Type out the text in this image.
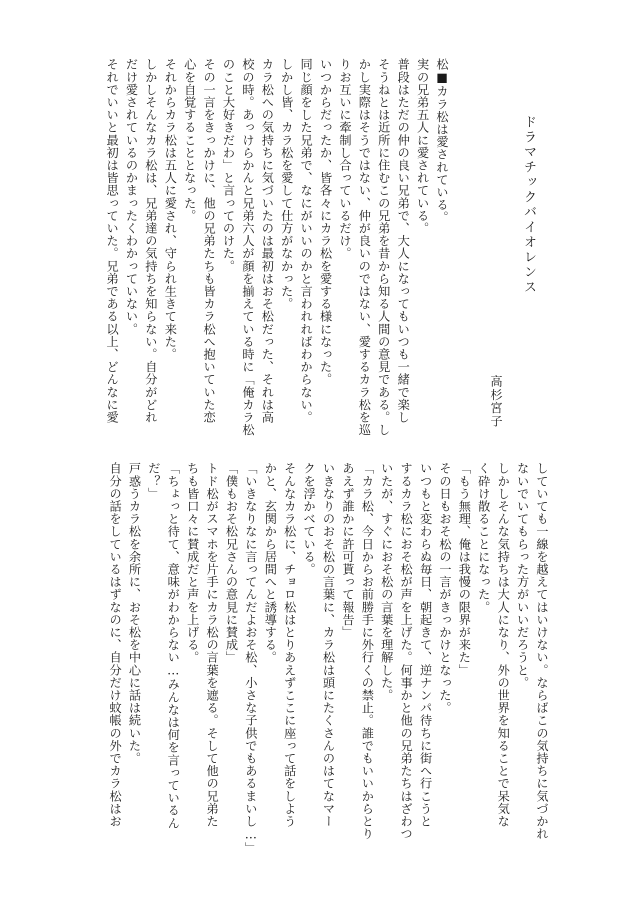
ドラマチックバイオレンス
高杉宮子

松■カラ松は愛されている。

実の兄弟五人に愛されている。

普段はただの仲の良い兄弟で、大人になってもいつも一緒で楽し

そうねとは近所に住むこの兄弟を昔から知る人間の意見である。し

かし実際はそうではない、仲が良いのではない、愛するカラ松を巡

りお互いに牽制し合っているだけ。

いつからだったか、皆各々にカラ松を愛する様になった。

同じ顔をした兄弟で、なにがいいのかと言われればわからない。

しかし皆、カラ松を愛して仕方がなかった。

カラ松への気持ちに気づいたのは最初はおそ松だった、それは高

校の時。あっけらかんと兄弟六人が顔を揃えている時に「俺カラ松

のこと大好きだわ」と言ってのけた。

その一言をきっかけに、他の兄弟たちも皆カラ松へ抱いていた恋

心を自覚することとなった。

それからカラ松は五人に愛され、守られ生きて来た。

しかしそんなカラ松は、兄弟達の気持ちを知らない。自分がどれ

だけ愛されているのかまったくわかっていない。

それでいいと最初は皆思っていた。兄弟である以上、どんなに愛

していても一線を越えてはいけない。ならばこの気持ちに気づかれ

ないでいてもらった方がいいだろうと。

しかしそんな気持ちは大人になり、外の世界を知ることで呆気な

く砕け散ることになった。

「もう無理、俺は我慢の限界が来た」

その日もおそ松の一言がきっかけとなった。

いつもと変わらぬ毎日、朝起きて、逆ナンパ待ちに街へ行こうと

するカラ松におそ松が声を上げた。何事かと他の兄弟たちはざわつ

いたが、すぐにおそ松の言葉を理解した。

「カラ松、今日からお前勝手に外行くの禁止。誰でもいいからとり

あえず誰かに許可貰って報告」

いきなりのおそ松の言葉に、カラ松は頭にたくさんのはてなマー

クを浮かべている。

そんなカラ松に、チョロ松はとりあえずここに座って話をしよう

かと、玄関から居間へと誘導する。

「いきなりなに言ってんだよおそ松、小さな子供でもあるまいし…」

「僕もおそ松兄さんの意見に賛成」

トド松がスマホを片手にカラ松の言葉を遮る。そして他の兄弟た

ちも皆口々に賛成だと声を上げる。

「ちょっと待て、意味がわからない…みんなは何を言っているん

だ？」

戸惑うカラ松を余所に、おそ松を中心に話は続いた。

自分の話をしているはずなのに、自分だけ蚊帳の外でカラ松はお
